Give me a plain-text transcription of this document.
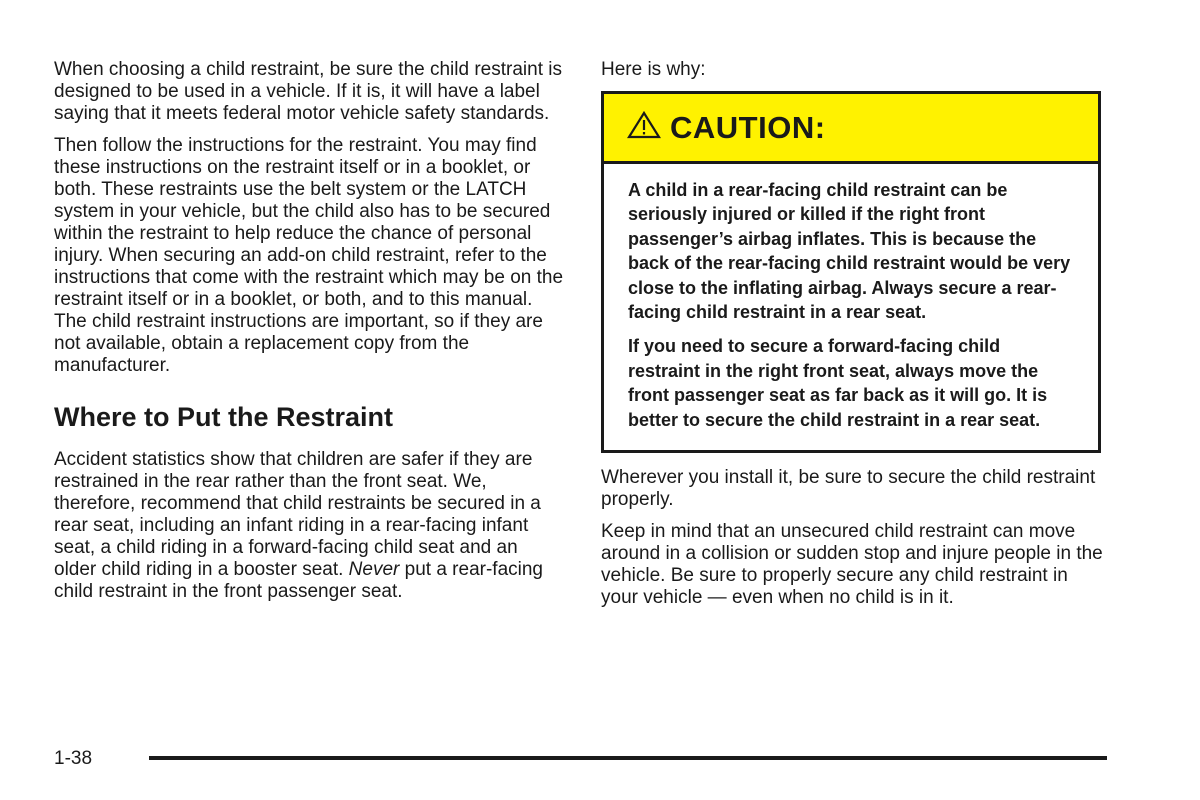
When choosing a child restraint, be sure the child restraint is designed to be used in a vehicle. If it is, it will have a label saying that it meets federal motor vehicle safety standards.

Then follow the instructions for the restraint. You may find these instructions on the restraint itself or in a booklet, or both. These restraints use the belt system or the LATCH system in your vehicle, but the child also has to be secured within the restraint to help reduce the chance of personal injury. When securing an add-on child restraint, refer to the instructions that come with the restraint which may be on the restraint itself or in a booklet, or both, and to this manual. The child restraint instructions are important, so if they are not available, obtain a replacement copy from the manufacturer.

Where to Put the Restraint

Accident statistics show that children are safer if they are restrained in the rear rather than the front seat. We, therefore, recommend that child restraints be secured in a rear seat, including an infant riding in a rear-facing infant seat, a child riding in a forward-facing child seat and an older child riding in a booster seat. Never put a rear-facing child restraint in the front passenger seat.

Here is why:

CAUTION:

A child in a rear-facing child restraint can be seriously injured or killed if the right front passenger’s airbag inflates. This is because the back of the rear-facing child restraint would be very close to the inflating airbag. Always secure a rear-facing child restraint in a rear seat.

If you need to secure a forward-facing child restraint in the right front seat, always move the front passenger seat as far back as it will go. It is better to secure the child restraint in a rear seat.

Wherever you install it, be sure to secure the child restraint properly.

Keep in mind that an unsecured child restraint can move around in a collision or sudden stop and injure people in the vehicle. Be sure to properly secure any child restraint in your vehicle — even when no child is in it.

1-38
